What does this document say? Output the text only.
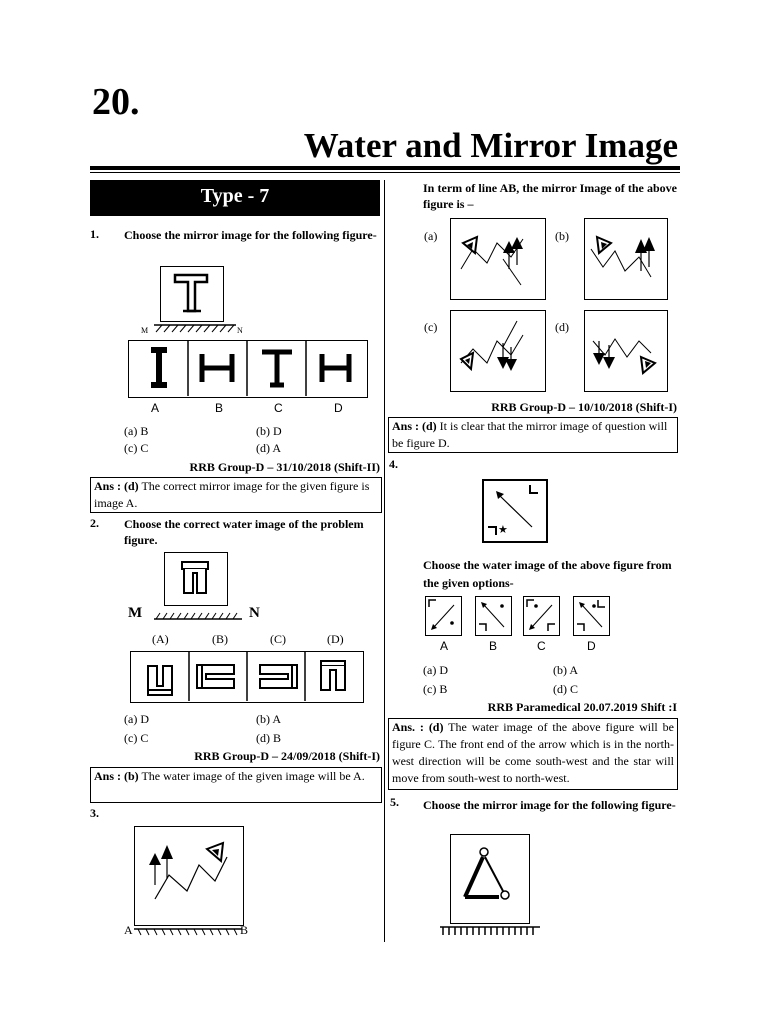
20.
Water and Mirror Image
Type - 7
1. Choose the mirror image for the following figure-
M	N
A	B	C	D
(a) B	(b) D
(c) C	(d) A
RRB Group-D – 31/10/2018 (Shift-II)
Ans : (d) The correct mirror image for the given figure is image A.
2. Choose the correct water image of the problem figure.
M	N
(A)	(B)	(C)	(D)
(a) D	(b) A
(c) C	(d) B
RRB Group-D – 24/09/2018 (Shift-I)
Ans : (b) The water image of the given image will be A.
3.
A	B
In term of line AB, the mirror Image of the above figure is –
(a)	(b)
(c)	(d)
RRB Group-D – 10/10/2018 (Shift-I)
Ans : (d) It is clear that the mirror image of question will be figure D.
4.
★
Choose the water image of the above figure from the given options-
A	B	C	D
(a) D	(b) A
(c) B	(d) C
RRB Paramedical 20.07.2019 Shift :I
Ans. : (d) The water image of the above figure will be figure C. The front end of the arrow which is in the north-west direction will be come south-west and the star will move from south-west to north-west.
5. Choose the mirror image for the following figure-
